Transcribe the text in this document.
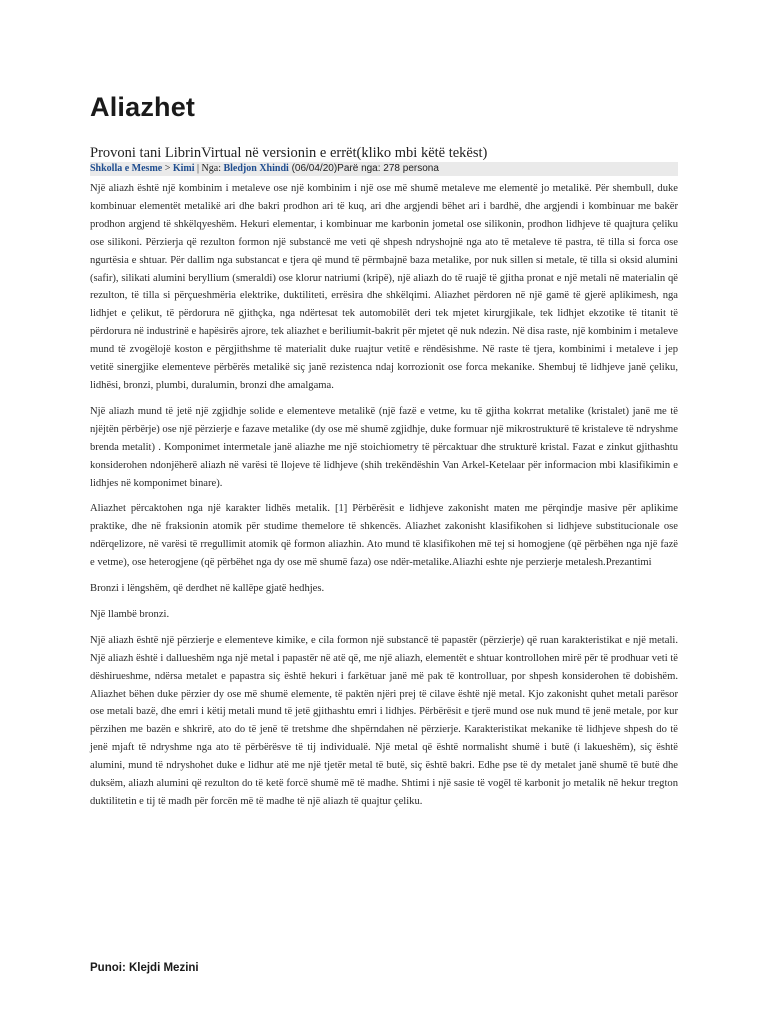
Aliazhet
Provoni tani LibrinVirtual në versionin e errët(kliko mbi këtë tekëst)
Shkolla e Mesme > Kimi | Nga: Bledjon Xhindi (06/04/20)Parë nga: 278 persona

Një aliazh është një kombinim i metaleve ose një kombinim i një ose më shumë metaleve me elementë jo metalikë. Për shembull, duke kombinuar elementët metalikë ari dhe bakri prodhon ari të kuq, ari dhe argjendi bëhet ari i bardhë, dhe argjendi i kombinuar me bakër prodhon argjend të shkëlqyeshëm. Hekuri elementar, i kombinuar me karbonin jometal ose silikonin, prodhon lidhjeve të quajtura çeliku ose silikoni. Përzierja që rezulton formon një substancë me veti që shpesh ndryshojnë nga ato të metaleve të pastra, të tilla si forca ose ngurtësia e shtuar. Për dallim nga substancat e tjera që mund të përmbajnë baza metalike, por nuk sillen si metale, të tilla si oksid alumini (safir), silikati alumini beryllium (smeraldi) ose klorur natriumi (kripë), një aliazh do të ruajë të gjitha pronat e një metali në materialin që rezulton, të tilla si përçueshmëria elektrike, duktiliteti, errësira dhe shkëlqimi. Aliazhet përdoren në një gamë të gjerë aplikimesh, nga lidhjet e çelikut, të përdorura në gjithçka, nga ndërtesat tek automobilët deri tek mjetet kirurgjikale, tek lidhjet ekzotike të titanit të përdorura në industrinë e hapësirës ajrore, tek aliazhet e beriliumit-bakrit për mjetet që nuk ndezin. Në disa raste, një kombinim i metaleve mund të zvogëlojë koston e përgjithshme të materialit duke ruajtur vetitë e rëndësishme. Në raste të tjera, kombinimi i metaleve i jep vetitë sinergjike elementeve përbërës metalikë siç janë rezistenca ndaj korrozionit ose forca mekanike. Shembuj të lidhjeve janë çeliku, lidhësi, bronzi, plumbi, duralumin, bronzi dhe amalgama.

Një aliazh mund të jetë një zgjidhje solide e elementeve metalikë (një fazë e vetme, ku të gjitha kokrrat metalike (kristalet) janë me të njëjtën përbërje) ose një përzierje e fazave metalike (dy ose më shumë zgjidhje, duke formuar një mikrostrukturë të kristaleve të ndryshme brenda metalit) . Komponimet intermetale janë aliazhe me një stoichiometry të përcaktuar dhe strukturë kristal. Fazat e zinkut gjithashtu konsiderohen ndonjëherë aliazh në varësi të llojeve të lidhjeve (shih trekëndëshin Van Arkel-Ketelaar për informacion mbi klasifikimin e lidhjes në komponimet binare).

Aliazhet përcaktohen nga një karakter lidhës metalik. [1] Përbërësit e lidhjeve zakonisht maten me përqindje masive për aplikime praktike, dhe në fraksionin atomik për studime themelore të shkencës. Aliazhet zakonisht klasifikohen si lidhjeve substitucionale ose ndërqelizore, në varësi të rregullimit atomik që formon aliazhin. Ato mund të klasifikohen më tej si homogjene (që përbëhen nga një fazë e vetme), ose heterogjene (që përbëhet nga dy ose më shumë faza) ose ndër-metalike.Aliazhi eshte nje perzierje metalesh.Prezantimi

Bronzi i lëngshëm, që derdhet në kallëpe gjatë hedhjes.

Një llambë bronzi.

Një aliazh është një përzierje e elementeve kimike, e cila formon një substancë të papastër (përzierje) që ruan karakteristikat e një metali. Një aliazh është i dallueshëm nga një metal i papastër në atë që, me një aliazh, elementët e shtuar kontrollohen mirë për të prodhuar veti të dëshirueshme, ndërsa metalet e papastra siç është hekuri i farkëtuar janë më pak të kontrolluar, por shpesh konsiderohen të dobishëm. Aliazhet bëhen duke përzier dy ose më shumë elemente, të paktën njëri prej të cilave është një metal. Kjo zakonisht quhet metali parësor ose metali bazë, dhe emri i këtij metali mund të jetë gjithashtu emri i lidhjes. Përbërësit e tjerë mund ose nuk mund të jenë metale, por kur përzihen me bazën e shkrirë, ato do të jenë të tretshme dhe shpërndahen në përzierje. Karakteristikat mekanike të lidhjeve shpesh do të jenë mjaft të ndryshme nga ato të përbërësve të tij individualë. Një metal që është normalisht shumë i butë (i lakueshëm), siç është alumini, mund të ndryshohet duke e lidhur atë me një tjetër metal të butë, siç është bakri. Edhe pse të dy metalet janë shumë të butë dhe duksëm, aliazh alumini që rezulton do të ketë forcë shumë më të madhe. Shtimi i një sasie të vogël të karbonit jo metalik në hekur tregton duktilitetin e tij të madh për forcën më të madhe të një aliazh të quajtur çeliku.

Punoi: Klejdi Mezini
